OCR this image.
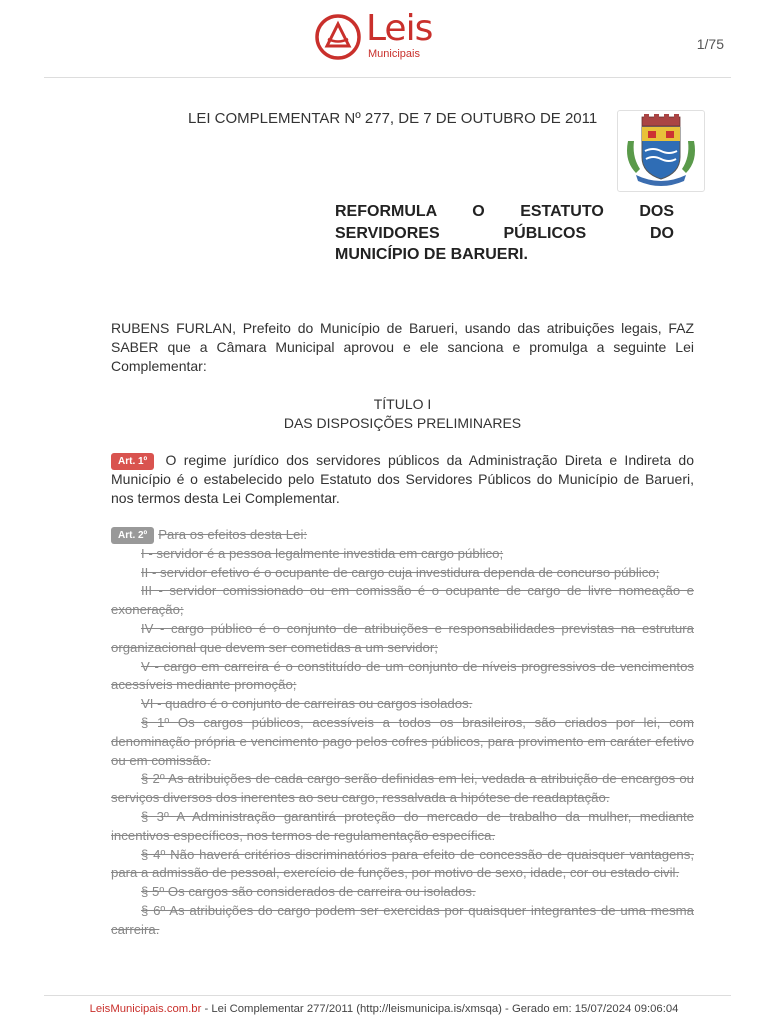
Leis
Municipais
1/75
LEI COMPLEMENTAR Nº 277, DE 7 DE OUTUBRO DE 2011
REFORMULA O ESTATUTO DOS
SERVIDORES PÚBLICOS DO
MUNICÍPIO DE BARUERI.
RUBENS FURLAN, Prefeito do Município de Barueri, usando das atribuições legais, FAZ SABER que a Câmara Municipal aprovou e ele sanciona e promulga a seguinte Lei Complementar:
TÍTULO I
DAS DISPOSIÇÕES PRELIMINARES
Art. 1º O regime jurídico dos servidores públicos da Administração Direta e Indireta do Município é o estabelecido pelo Estatuto dos Servidores Públicos do Município de Barueri, nos termos desta Lei Complementar.

Art. 2º Para os efeitos desta Lei:

I - servidor é a pessoa legalmente investida em cargo público;

II - servidor efetivo é o ocupante de cargo cuja investidura dependa de concurso público;

III - servidor comissionado ou em comissão é o ocupante de cargo de livre nomeação e exoneração;

IV - cargo público é o conjunto de atribuições e responsabilidades previstas na estrutura organizacional que devem ser cometidas a um servidor;

V - cargo em carreira é o constituído de um conjunto de níveis progressivos de vencimentos acessíveis mediante promoção;

VI - quadro é o conjunto de carreiras ou cargos isolados.

§ 1º Os cargos públicos, acessíveis a todos os brasileiros, são criados por lei, com denominação própria e vencimento pago pelos cofres públicos, para provimento em caráter efetivo ou em comissão.

§ 2º As atribuições de cada cargo serão definidas em lei, vedada a atribuição de encargos ou serviços diversos dos inerentes ao seu cargo, ressalvada a hipótese de readaptação.

§ 3º A Administração garantirá proteção do mercado de trabalho da mulher, mediante incentivos específicos, nos termos de regulamentação específica.

§ 4º Não haverá critérios discriminatórios para efeito de concessão de quaisquer vantagens, para a admissão de pessoal, exercício de funções, por motivo de sexo, idade, cor ou estado civil.

§ 5º Os cargos são considerados de carreira ou isolados.

§ 6º As atribuições do cargo podem ser exercidas por quaisquer integrantes de uma mesma carreira.

LeisMunicipais.com.br - Lei Complementar 277/2011 (http://leismunicipa.is/xmsqa) - Gerado em: 15/07/2024 09:06:04
